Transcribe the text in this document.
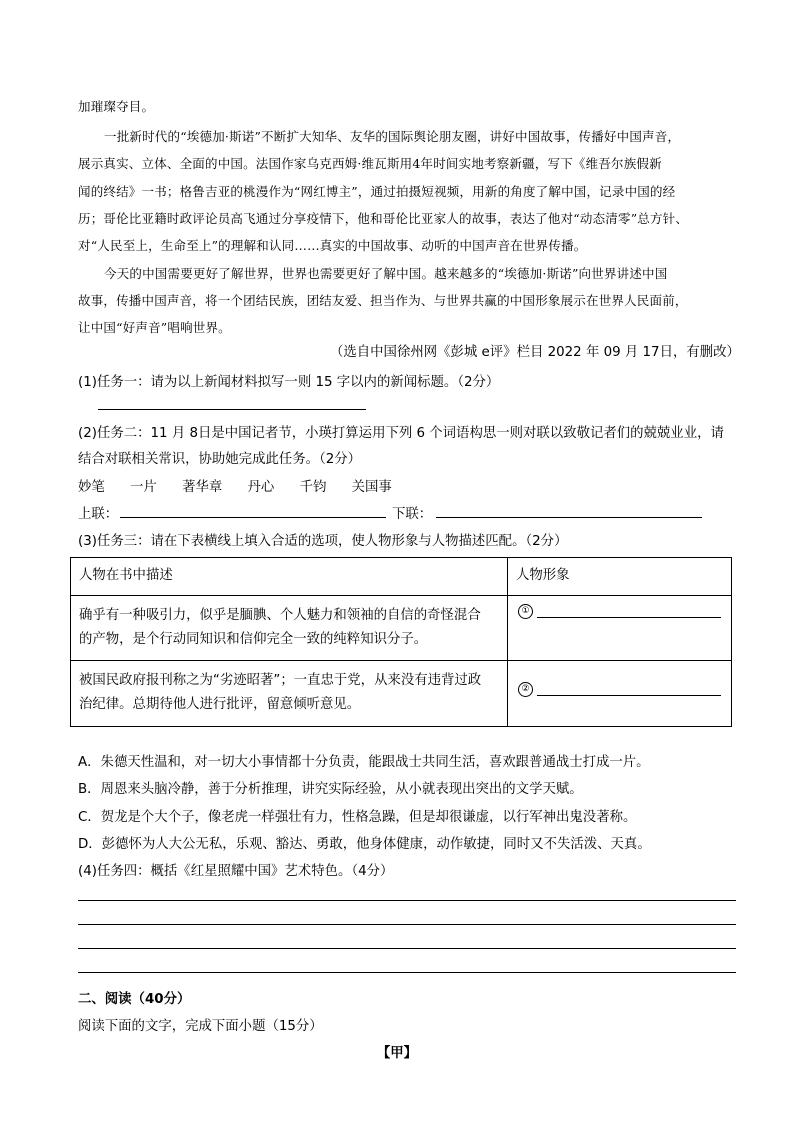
加璀璨夺目。
一批新时代的“埃德加·斯诺”不断扩大知华、友华的国际舆论朋友圈，讲好中国故事，传播好中国声音，
展示真实、立体、全面的中国。法国作家乌克西姆·维瓦斯用4年时间实地考察新疆，写下《维吾尔族假新
闻的终结》一书；格鲁吉亚的桃漫作为“网红博主”，通过拍摄短视频，用新的角度了解中国，记录中国的经
历；哥伦比亚籍时政评论员高飞通过分享疫情下，他和哥伦比亚家人的故事，表达了他对“动态清零”总方针、
对“人民至上，生命至上”的理解和认同……真实的中国故事、动听的中国声音在世界传播。
今天的中国需要更好了解世界，世界也需要更好了解中国。越来越多的“埃德加·斯诺”向世界讲述中国
故事，传播中国声音，将一个团结民族，团结友爱、担当作为、与世界共赢的中国形象展示在世界人民面前，
让中国“好声音”唱响世界。
（选自中国徐州网《彭城 e评》栏目 2022 年 09 月 17日，有删改）
(1)任务一：请为以上新闻材料拟写一则 15 字以内的新闻标题。（2分）
(2)任务二：11 月 8日是中国记者节，小瑛打算运用下列 6 个词语构思一则对联以致敬记者们的兢兢业业，请
结合对联相关常识，协助她完成此任务。（2分）
妙笔 一片 著华章 丹心 千钧 关国事
上联：	下联：
(3)任务三：请在下表横线上填入合适的选项，使人物形象与人物描述匹配。（2分）
人物在书中描述	人物形象

确乎有一种吸引力，似乎是腼腆、个人魅力和领袖的自信的奇怪混合
的产物，是个行动同知识和信仰完全一致的纯粹知识分子。	①

被国民政府报刊称之为“劣迹昭著”；一直忠于党，从来没有违背过政
治纪律。总期待他人进行批评，留意倾听意见。	②
A．朱德天性温和，对一切大小事情都十分负责，能跟战士共同生活，喜欢跟普通战士打成一片。
B．周恩来头脑冷静，善于分析推理，讲究实际经验，从小就表现出突出的文学天赋。
C．贺龙是个大个子，像老虎一样强壮有力，性格急躁，但是却很谦虚，以行军神出鬼没著称。
D．彭德怀为人大公无私，乐观、豁达、勇敢，他身体健康，动作敏捷，同时又不失活泼、天真。
(4)任务四：概括《红星照耀中国》艺术特色。（4分）
二、阅读（40分）
阅读下面的文字，完成下面小题（15分）
【甲】
